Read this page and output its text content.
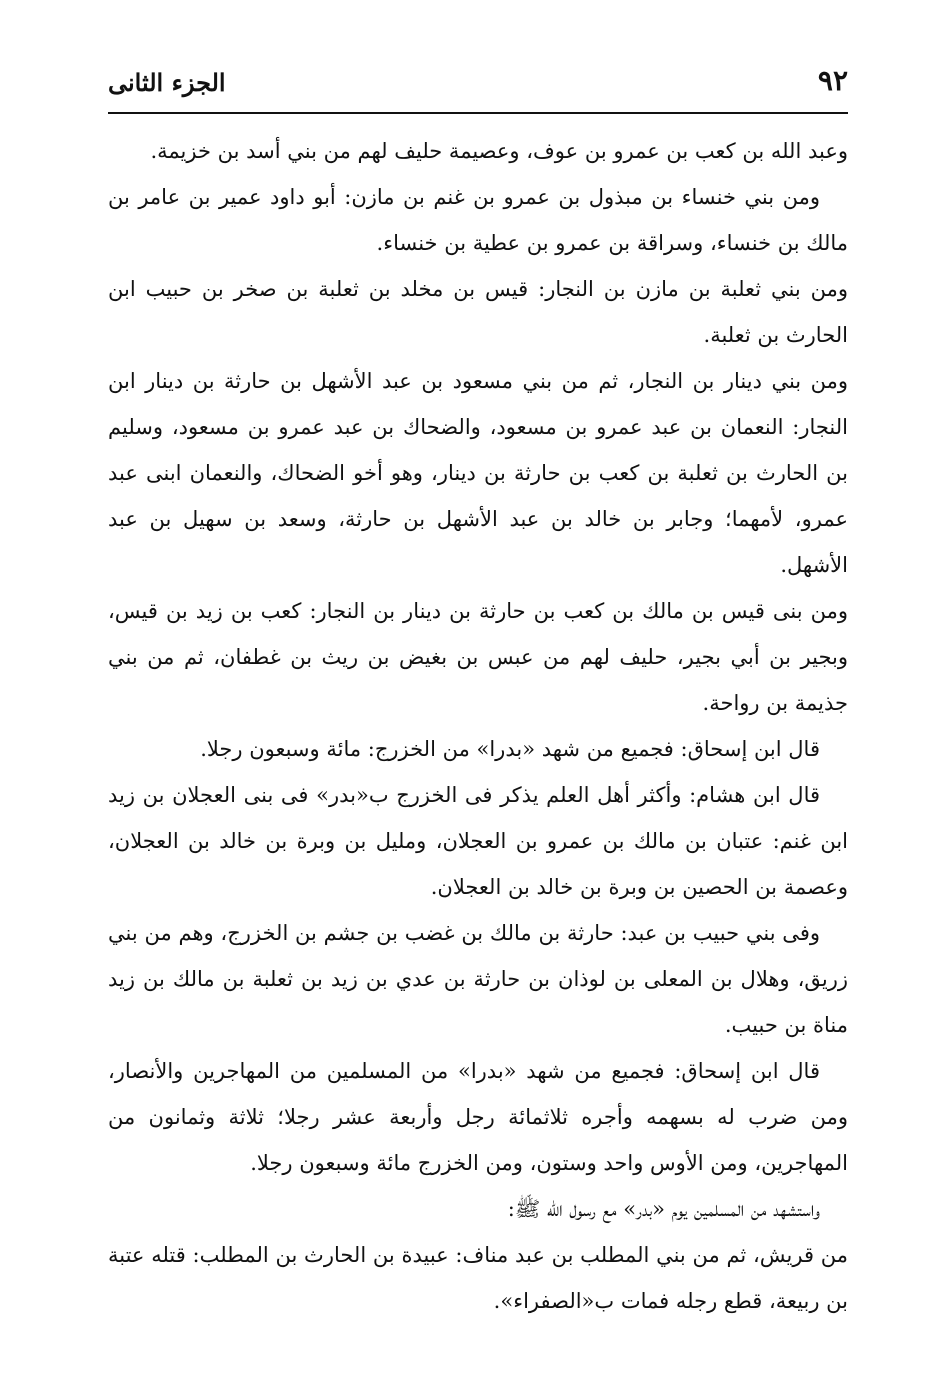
الجزء الثانى	٩٢

وعبد الله بن كعب بن عمرو بن عوف، وعصيمة حليف لهم من بني أسد بن خزيمة.

ومن بني خنساء بن مبذول بن عمرو بن غنم بن مازن: أبو داود عمير بن عامر بن مالك بن خنساء، وسراقة بن عمرو بن عطية بن خنساء.

ومن بني ثعلبة بن مازن بن النجار: قيس بن مخلد بن ثعلبة بن صخر بن حبيب ابن الحارث بن ثعلبة.

ومن بني دينار بن النجار، ثم من بني مسعود بن عبد الأشهل بن حارثة بن دينار ابن النجار: النعمان بن عبد عمرو بن مسعود، والضحاك بن عبد عمرو بن مسعود، وسليم بن الحارث بن ثعلبة بن كعب بن حارثة بن دينار، وهو أخو الضحاك، والنعمان ابنى عبد عمرو، لأمهما؛ وجابر بن خالد بن عبد الأشهل بن حارثة، وسعد بن سهيل بن عبد الأشهل.

ومن بنى قيس بن مالك بن كعب بن حارثة بن دينار بن النجار: كعب بن زيد بن قيس، وبجير بن أبي بجير، حليف لهم من عبس بن بغيض بن ريث بن غطفان، ثم من بني جذيمة بن رواحة.

قال ابن إسحاق: فجميع من شهد «بدرا» من الخزرج: مائة وسبعون رجلا.

قال ابن هشام: وأكثر أهل العلم يذكر فى الخزرج ب«بدر» فى بنى العجلان بن زيد ابن غنم: عتبان بن مالك بن عمرو بن العجلان، ومليل بن وبرة بن خالد بن العجلان، وعصمة بن الحصين بن وبرة بن خالد بن العجلان.

وفى بني حبيب بن عبد: حارثة بن مالك بن غضب بن جشم بن الخزرج، وهم من بني زريق، وهلال بن المعلى بن لوذان بن حارثة بن عدي بن زيد بن ثعلبة بن مالك بن زيد مناة بن حبيب.

قال ابن إسحاق: فجميع من شهد «بدرا» من المسلمين من المهاجرين والأنصار، ومن ضرب له بسهمه وأجره ثلاثمائة رجل وأربعة عشر رجلا؛ ثلاثة وثمانون من المهاجرين، ومن الأوس واحد وستون، ومن الخزرج مائة وسبعون رجلا.

واستشهد من المسلمين يوم «بدر» مع رسول الله ﷺ:

من قريش، ثم من بني المطلب بن عبد مناف: عبيدة بن الحارث بن المطلب: قتله عتبة بن ربيعة، قطع رجله فمات ب«الصفراء».
